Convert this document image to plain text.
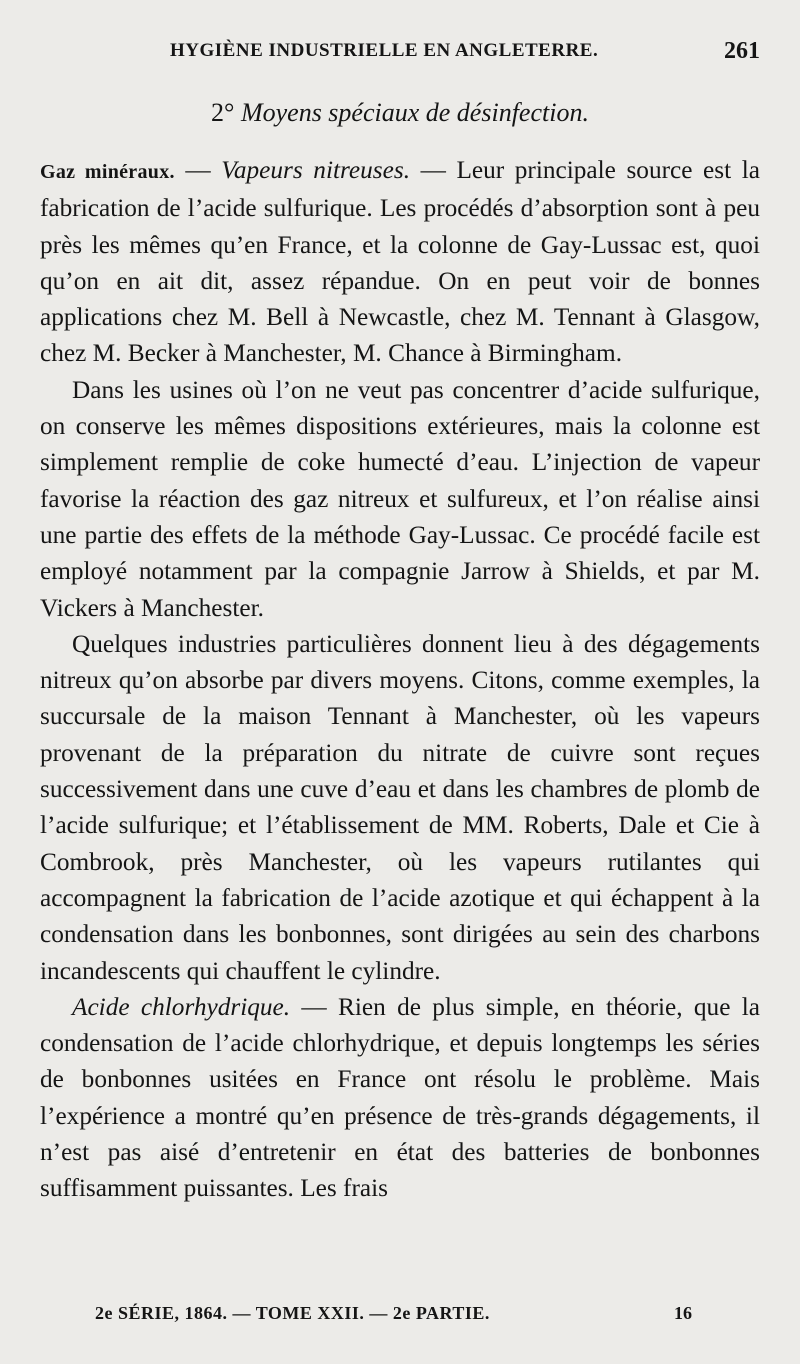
HYGIÈNE INDUSTRIELLE EN ANGLETERRE.	261
2° Moyens spéciaux de désinfection.

Gaz minéraux. — Vapeurs nitreuses. — Leur principale source est la fabrication de l’acide sulfurique. Les procédés d’absorption sont à peu près les mêmes qu’en France, et la colonne de Gay-Lussac est, quoi qu’on en ait dit, assez répandue. On en peut voir de bonnes applications chez M. Bell à Newcastle, chez M. Tennant à Glasgow, chez M. Becker à Manchester, M. Chance à Birmingham.

Dans les usines où l’on ne veut pas concentrer d’acide sulfurique, on conserve les mêmes dispositions extérieures, mais la colonne est simplement remplie de coke humecté d’eau. L’injection de vapeur favorise la réaction des gaz nitreux et sulfureux, et l’on réalise ainsi une partie des effets de la méthode Gay-Lussac. Ce procédé facile est employé notamment par la compagnie Jarrow à Shields, et par M. Vickers à Manchester.

Quelques industries particulières donnent lieu à des dégagements nitreux qu’on absorbe par divers moyens. Citons, comme exemples, la succursale de la maison Tennant à Manchester, où les vapeurs provenant de la préparation du nitrate de cuivre sont reçues successivement dans une cuve d’eau et dans les chambres de plomb de l’acide sulfurique; et l’établissement de MM. Roberts, Dale et Cie à Combrook, près Manchester, où les vapeurs rutilantes qui accompagnent la fabrication de l’acide azotique et qui échappent à la condensation dans les bonbonnes, sont dirigées au sein des charbons incandescents qui chauffent le cylindre.

Acide chlorhydrique. — Rien de plus simple, en théorie, que la condensation de l’acide chlorhydrique, et depuis longtemps les séries de bonbonnes usitées en France ont résolu le problème. Mais l’expérience a montré qu’en présence de très-grands dégagements, il n’est pas aisé d’entretenir en état des batteries de bonbonnes suffisamment puissantes. Les frais

2e SÉRIE, 1864. — TOME XXII. — 2e PARTIE.	16
